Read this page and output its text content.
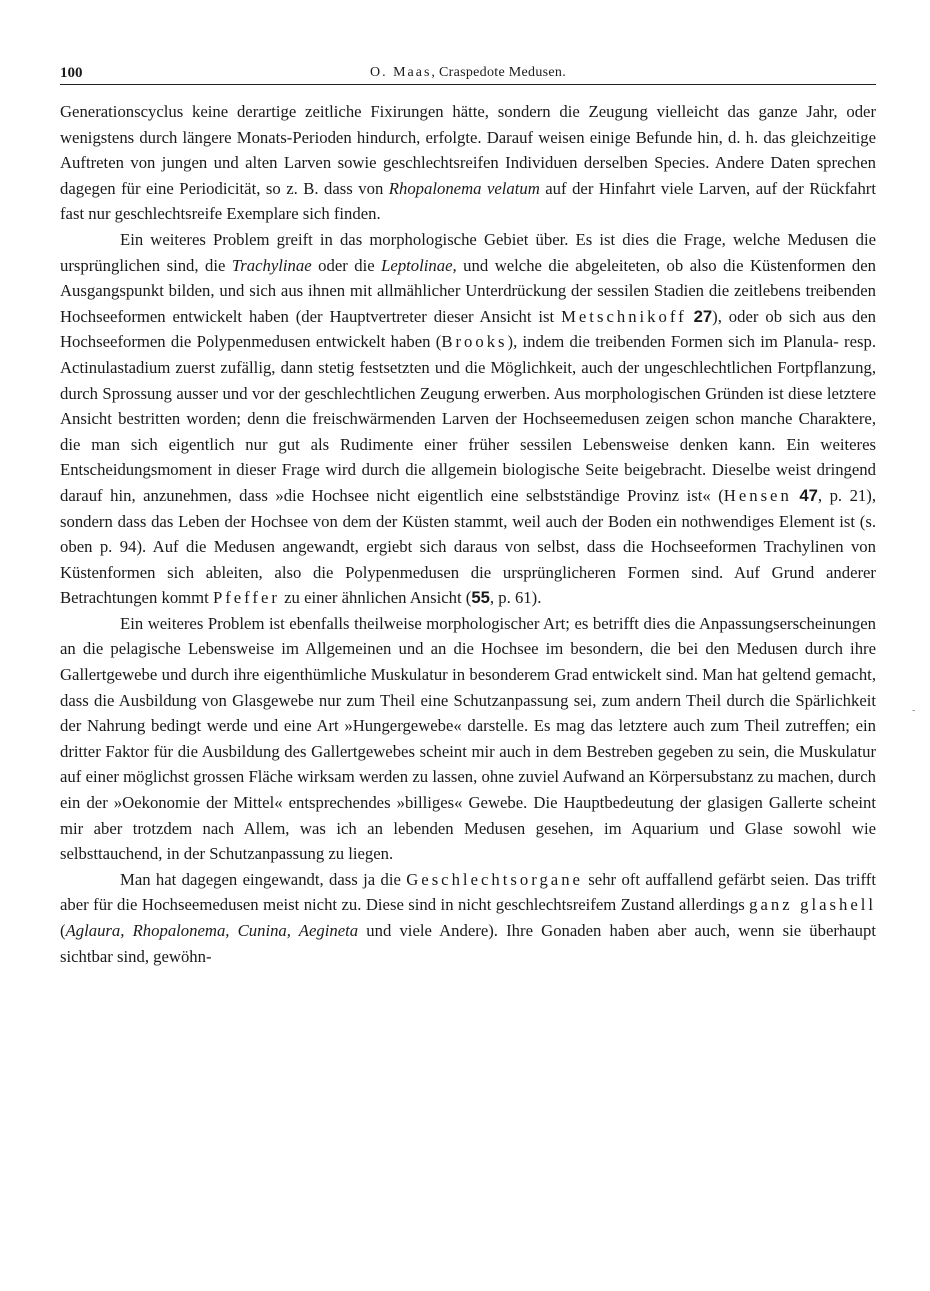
100	O. Maas, Craspedote Medusen.

Generationscyclus keine derartige zeitliche Fixirungen hätte, sondern die Zeugung vielleicht das ganze Jahr, oder wenigstens durch längere Monats-Perioden hindurch, erfolgte. Darauf weisen einige Befunde hin, d. h. das gleichzeitige Auftreten von jungen und alten Larven sowie geschlechtsreifen Individuen derselben Species. Andere Daten sprechen dagegen für eine Periodicität, so z. B. dass von Rhopalonema velatum auf der Hinfahrt viele Larven, auf der Rückfahrt fast nur geschlechtsreife Exemplare sich finden.

Ein weiteres Problem greift in das morphologische Gebiet über. Es ist dies die Frage, welche Medusen die ursprünglichen sind, die Trachylinae oder die Leptolinae, und welche die abgeleiteten, ob also die Küstenformen den Ausgangspunkt bilden, und sich aus ihnen mit allmählicher Unterdrückung der sessilen Stadien die zeitlebens treibenden Hochseeformen entwickelt haben (der Hauptvertreter dieser Ansicht ist Metschnikoff 27), oder ob sich aus den Hochseeformen die Polypenmedusen entwickelt haben (Brooks), indem die treibenden Formen sich im Planula- resp. Actinulastadium zuerst zufällig, dann stetig festsetzten und die Möglichkeit, auch der ungeschlechtlichen Fortpflanzung, durch Sprossung ausser und vor der geschlechtlichen Zeugung erwerben. Aus morphologischen Gründen ist diese letztere Ansicht bestritten worden; denn die freischwärmenden Larven der Hochseemedusen zeigen schon manche Charaktere, die man sich eigentlich nur gut als Rudimente einer früher sessilen Lebensweise denken kann. Ein weiteres Entscheidungsmoment in dieser Frage wird durch die allgemein biologische Seite beigebracht. Dieselbe weist dringend darauf hin, anzunehmen, dass »die Hochsee nicht eigentlich eine selbstständige Provinz ist« (Hensen 47, p. 21), sondern dass das Leben der Hochsee von dem der Küsten stammt, weil auch der Boden ein nothwendiges Element ist (s. oben p. 94). Auf die Medusen angewandt, ergiebt sich daraus von selbst, dass die Hochseeformen Trachylinen von Küstenformen sich ableiten, also die Polypenmedusen die ursprünglicheren Formen sind. Auf Grund anderer Betrachtungen kommt Pfeffer zu einer ähnlichen Ansicht (55, p. 61).

Ein weiteres Problem ist ebenfalls theilweise morphologischer Art; es betrifft dies die Anpassungserscheinungen an die pelagische Lebensweise im Allgemeinen und an die Hochsee im besondern, die bei den Medusen durch ihre Gallertgewebe und durch ihre eigenthümliche Muskulatur in besonderem Grad entwickelt sind. Man hat geltend gemacht, dass die Ausbildung von Glasgewebe nur zum Theil eine Schutzanpassung sei, zum andern Theil durch die Spärlichkeit der Nahrung bedingt werde und eine Art »Hungergewebe« darstelle. Es mag das letztere auch zum Theil zutreffen; ein dritter Faktor für die Ausbildung des Gallertgewebes scheint mir auch in dem Bestreben gegeben zu sein, die Muskulatur auf einer möglichst grossen Fläche wirksam werden zu lassen, ohne zuviel Aufwand an Körpersubstanz zu machen, durch ein der »Oekonomie der Mittel« entsprechendes »billiges« Gewebe. Die Hauptbedeutung der glasigen Gallerte scheint mir aber trotzdem nach Allem, was ich an lebenden Medusen gesehen, im Aquarium und Glase sowohl wie selbsttauchend, in der Schutzanpassung zu liegen.

Man hat dagegen eingewandt, dass ja die Geschlechtsorgane sehr oft auffallend gefärbt seien. Das trifft aber für die Hochseemedusen meist nicht zu. Diese sind in nicht geschlechtsreifem Zustand allerdings ganz glashell (Aglaura, Rhopalonema, Cunina, Aegineta und viele Andere). Ihre Gonaden haben aber auch, wenn sie überhaupt sichtbar sind, gewöhn-

-
